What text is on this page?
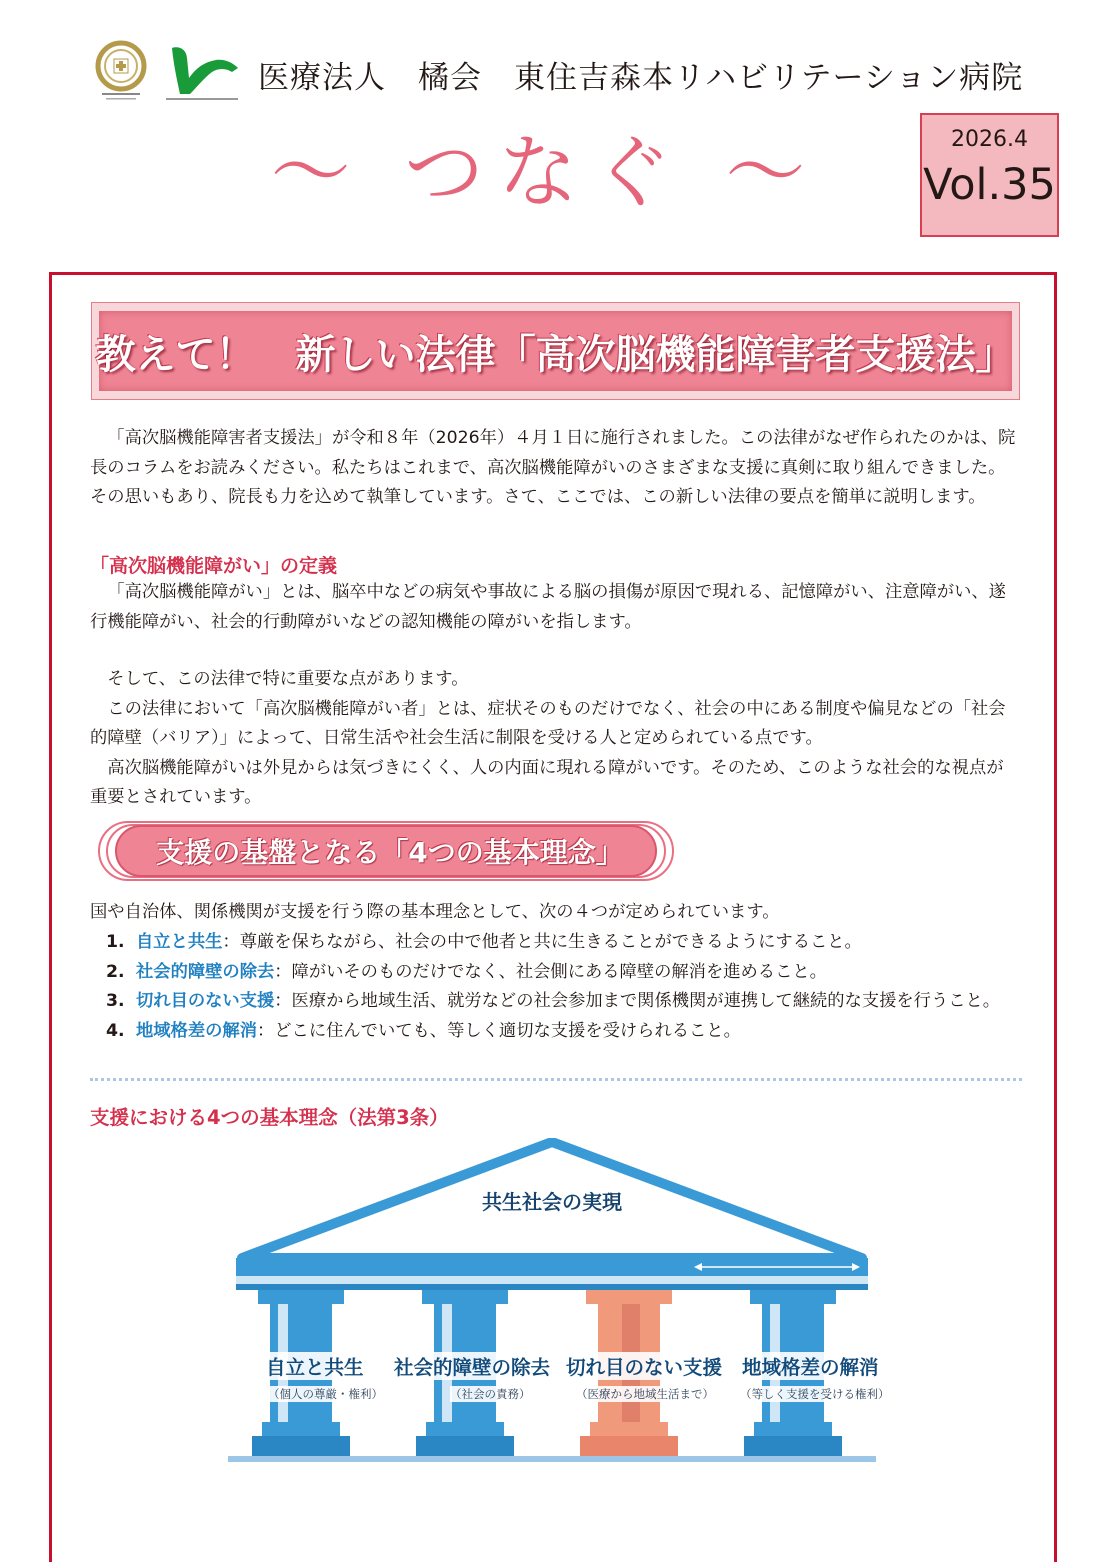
医療法人　橘会　東住吉森本リハビリテーション病院
～ つなぐ ～	2026.4
Vol.35
教えて！　新しい法律「高次脳機能障害者支援法」

「高次脳機能障害者支援法」が令和８年（2026年）４月１日に施行されました。この法律がなぜ作られたのかは、院長のコラムをお読みください。私たちはこれまで、高次脳機能障がいのさまざまな支援に真剣に取り組んできました。その思いもあり、院長も力を込めて執筆しています。さて、ここでは、この新しい法律の要点を簡単に説明します。

「高次脳機能障がい」の定義

「高次脳機能障がい」とは、脳卒中などの病気や事故による脳の損傷が原因で現れる、記憶障がい、注意障がい、遂行機能障がい、社会的行動障がいなどの認知機能の障がいを指します。

そして、この法律で特に重要な点があります。

この法律において「高次脳機能障がい者」とは、症状そのものだけでなく、社会の中にある制度や偏見などの「社会的障壁（バリア）」によって、日常生活や社会生活に制限を受ける人と定められている点です。

高次脳機能障がいは外見からは気づきにくく、人の内面に現れる障がいです。そのため、このような社会的な視点が重要とされています。

支援の基盤となる「4つの基本理念」
国や自治体、関係機関が支援を行う際の基本理念として、次の４つが定められています。
1. 自立と共生：尊厳を保ちながら、社会の中で他者と共に生きることができるようにすること。
2. 社会的障壁の除去：障がいそのものだけでなく、社会側にある障壁の解消を進めること。
3. 切れ目のない支援：医療から地域生活、就労などの社会参加まで関係機関が連携して継続的な支援を行うこと。
4. 地域格差の解消：どこに住んでいても、等しく適切な支援を受けられること。
支援における4つの基本理念（法第3条）
共生社会の実現
自立と共生
（個人の尊厳・権利）
社会的障壁の除去
（社会の責務）
切れ目のない支援
（医療から地域生活まで）
地域格差の解消
（等しく支援を受ける権利）
